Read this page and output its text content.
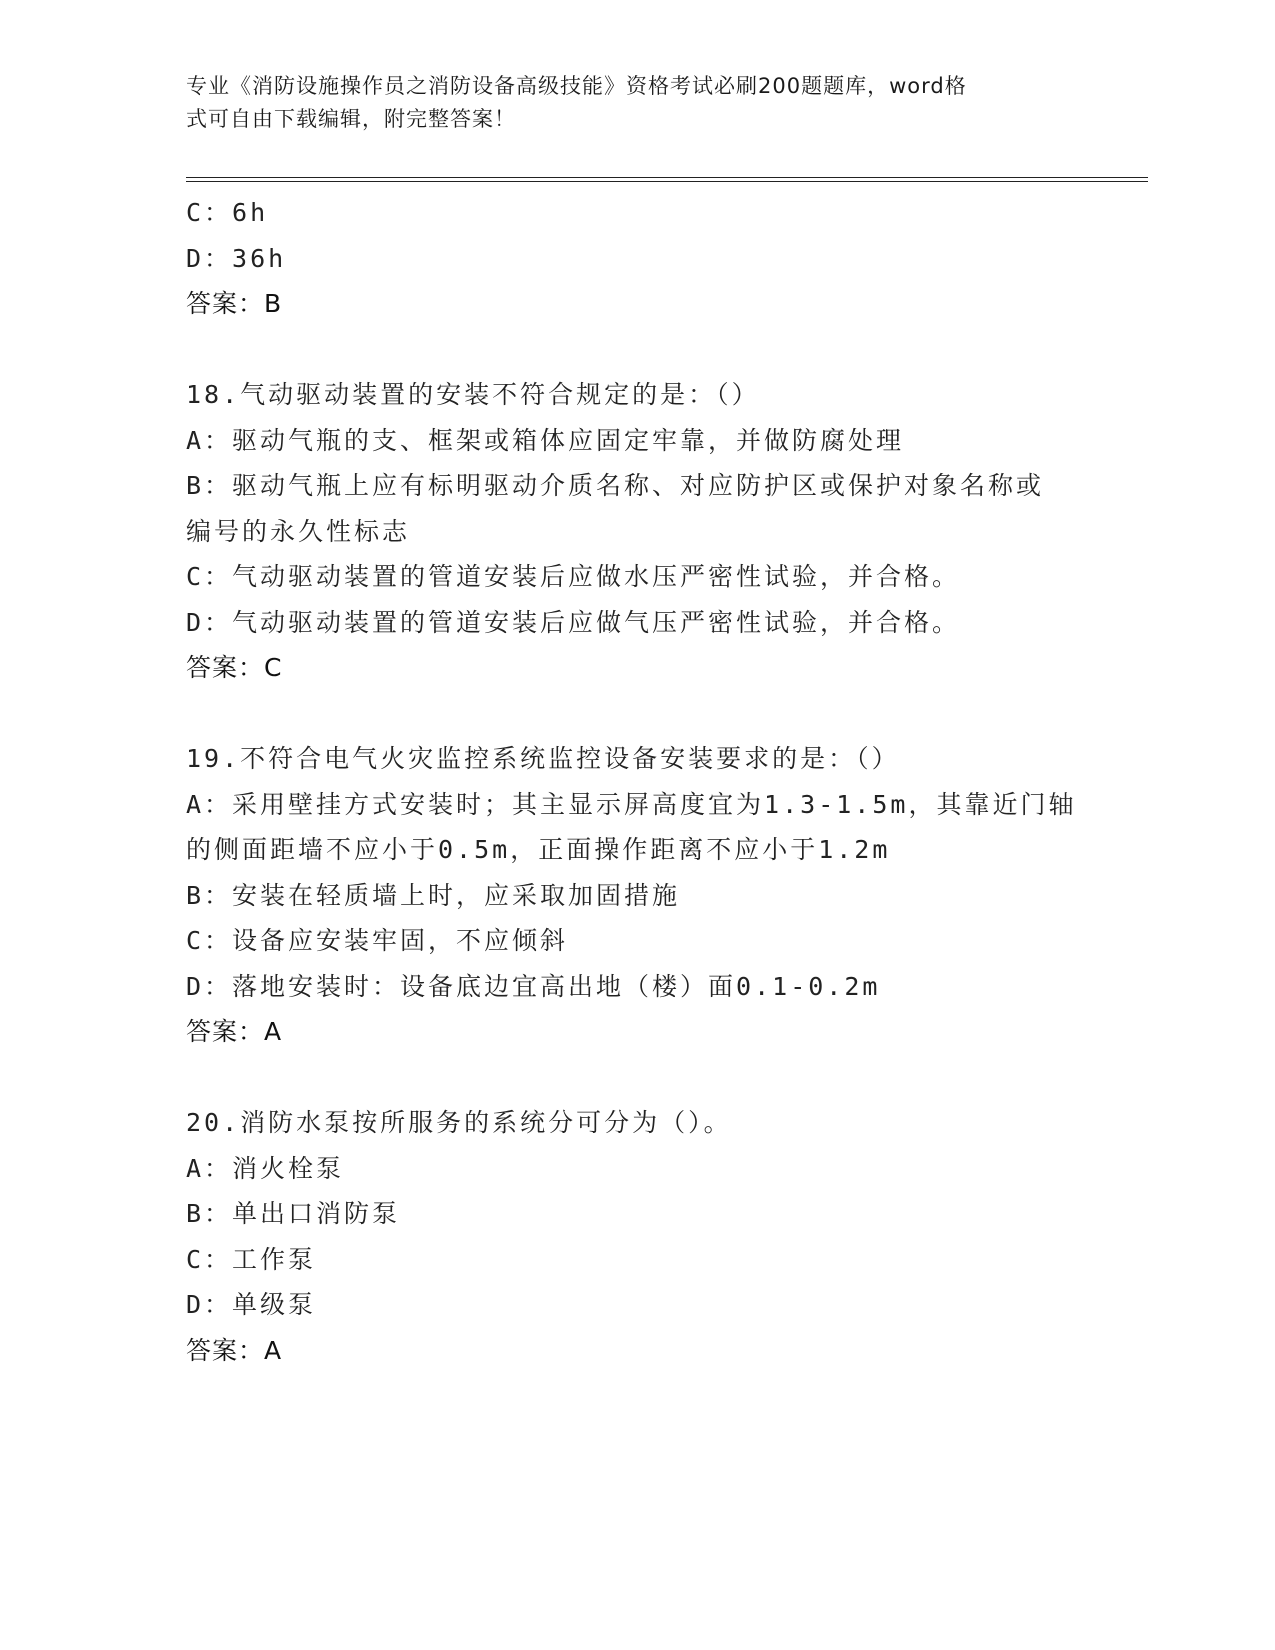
专业《消防设施操作员之消防设备高级技能》资格考试必刷200题题库，word格
式可自由下载编辑，附完整答案！
C：6h
D：36h
答案：B
18.气动驱动装置的安装不符合规定的是：（）
A：驱动气瓶的支、框架或箱体应固定牢靠，并做防腐处理
B：驱动气瓶上应有标明驱动介质名称、对应防护区或保护对象名称或
编号的永久性标志
C：气动驱动装置的管道安装后应做水压严密性试验，并合格。
D：气动驱动装置的管道安装后应做气压严密性试验，并合格。
答案：C
19.不符合电气火灾监控系统监控设备安装要求的是：（）
A：采用壁挂方式安装时；其主显示屏高度宜为1.3-1.5m，其靠近门轴
的侧面距墙不应小于0.5m，正面操作距离不应小于1.2m
B：安装在轻质墙上时，应采取加固措施
C：设备应安装牢固，不应倾斜
D：落地安装时：设备底边宜高出地（楼）面0.1-0.2m
答案：A
20.消防水泵按所服务的系统分可分为（）。
A：消火栓泵
B：单出口消防泵
C：工作泵
D：单级泵
答案：A
